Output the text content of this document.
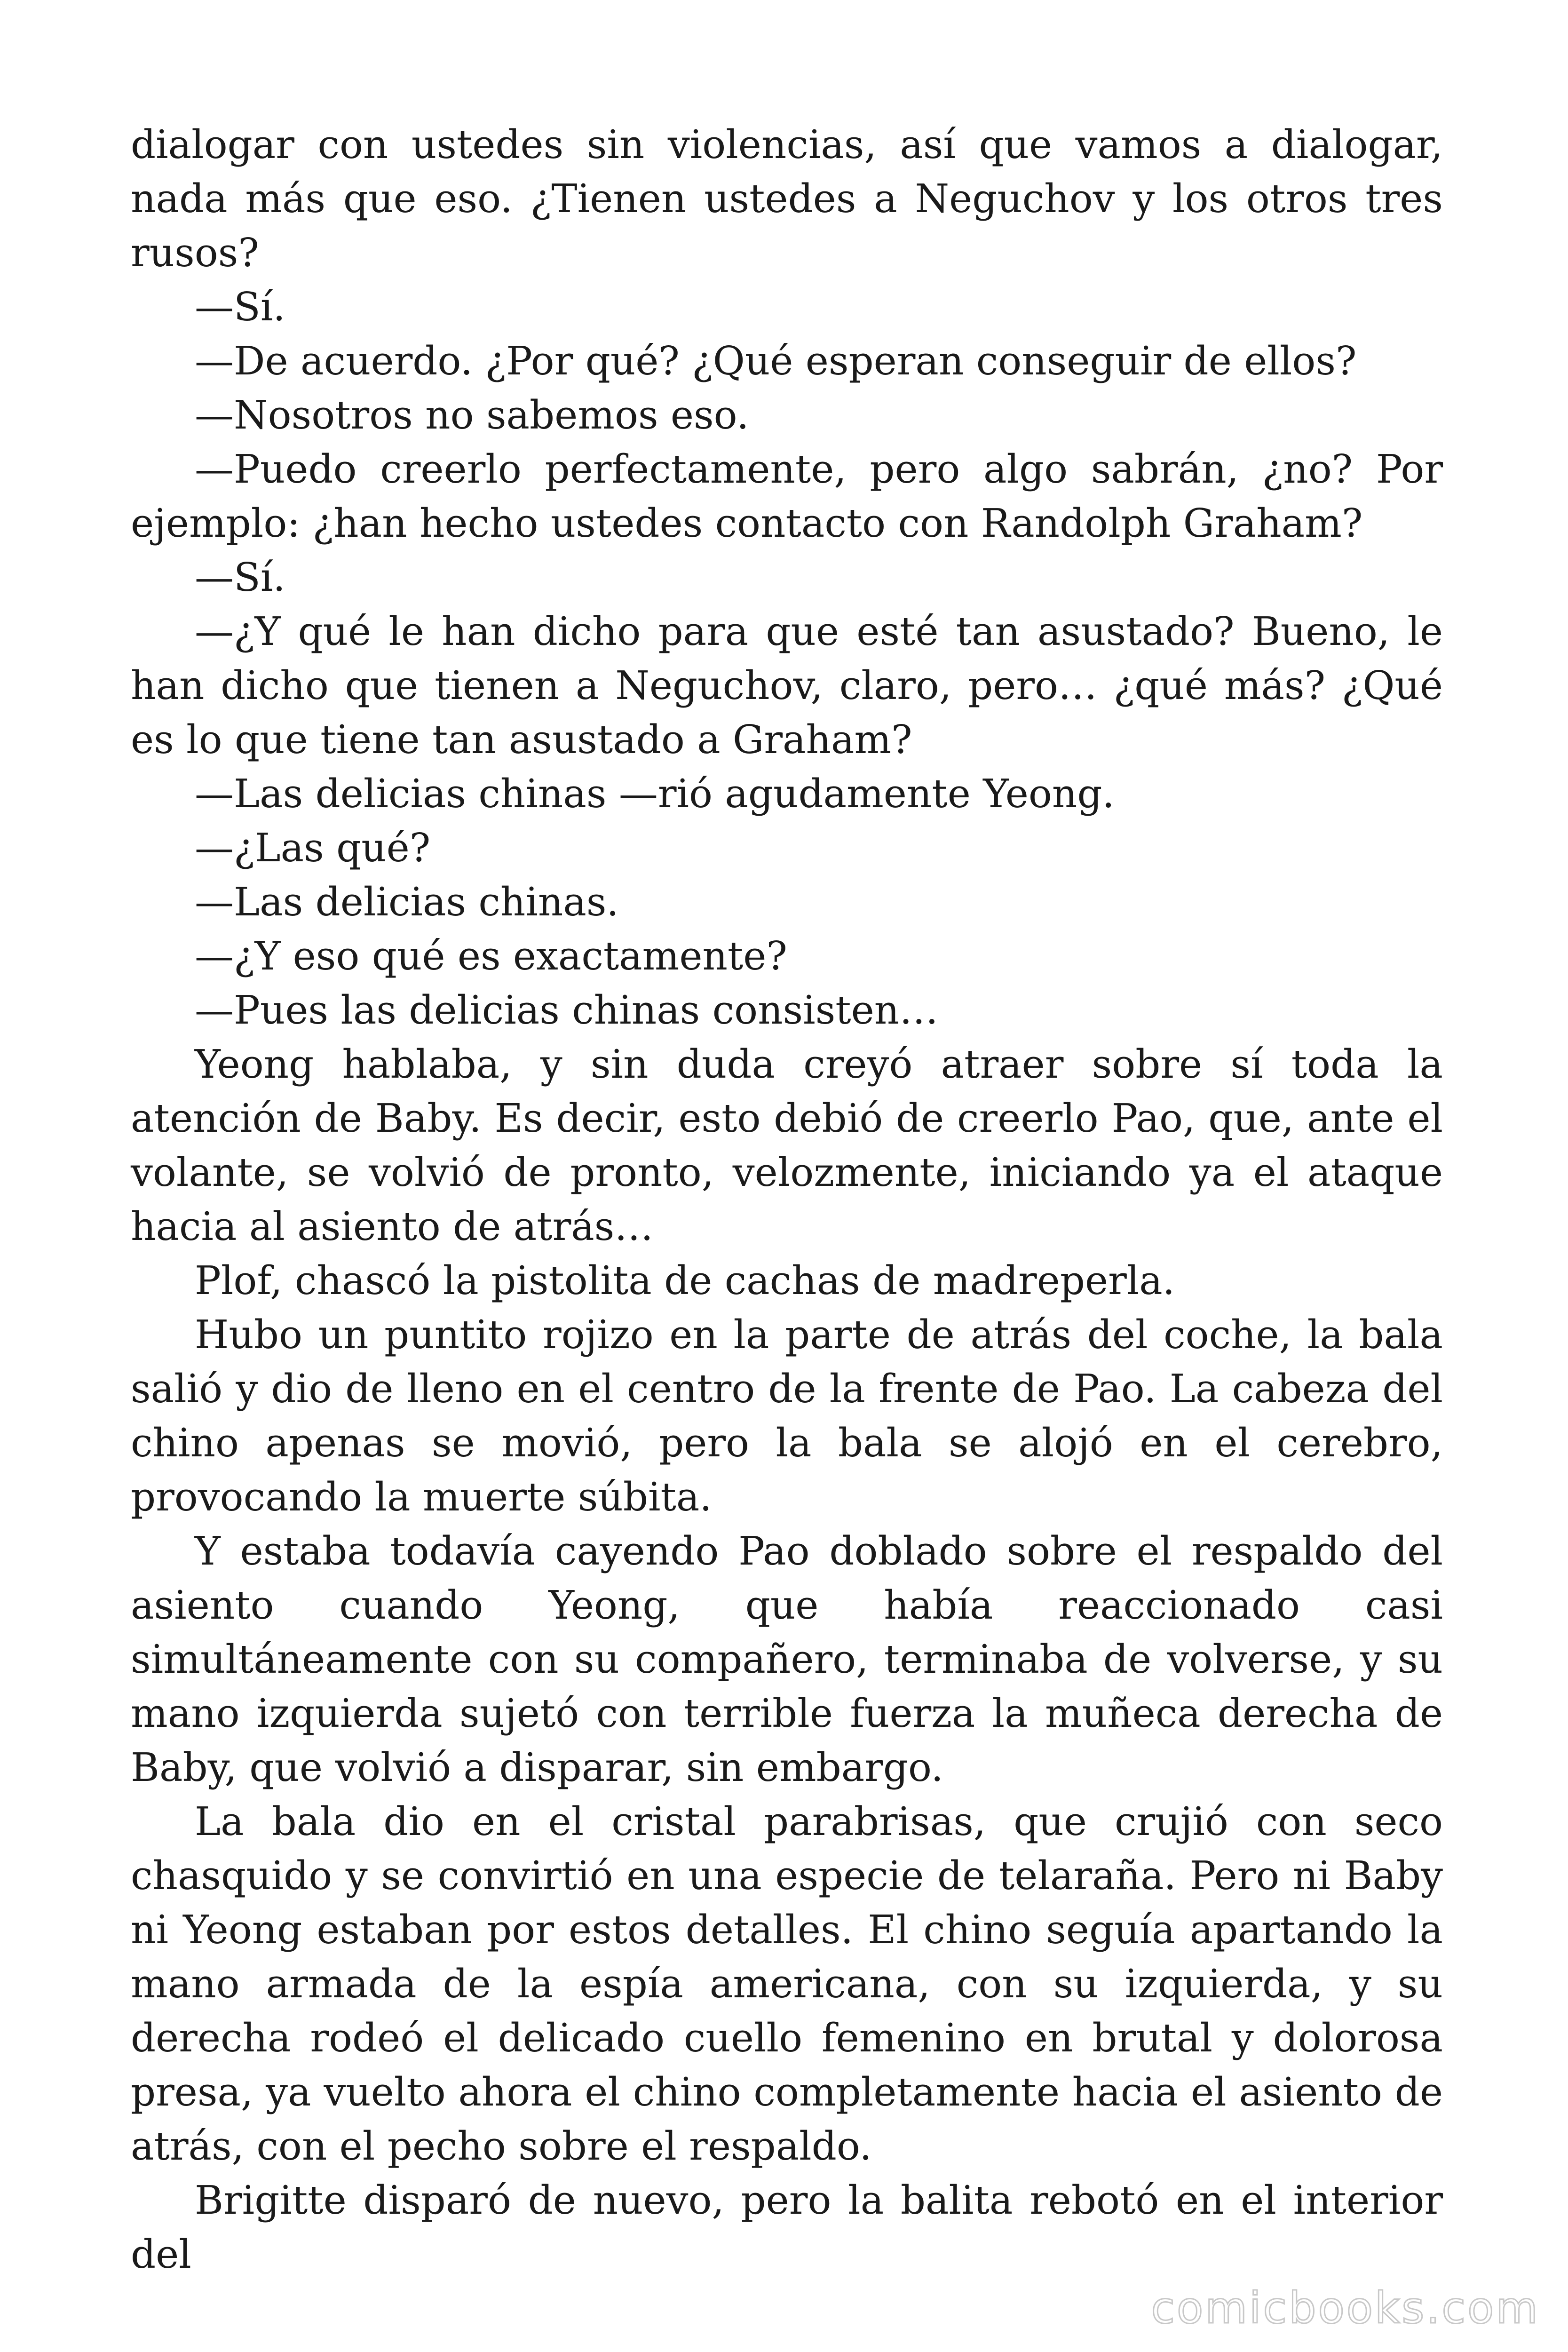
dialogar con ustedes sin violencias, así que vamos a dialogar, nada más que eso. ¿Tienen ustedes a Neguchov y los otros tres rusos?

—Sí.

—De acuerdo. ¿Por qué? ¿Qué esperan conseguir de ellos?

—Nosotros no sabemos eso.

—Puedo creerlo perfectamente, pero algo sabrán, ¿no? Por ejemplo: ¿han hecho ustedes contacto con Randolph Graham?

—Sí.

—¿Y qué le han dicho para que esté tan asustado? Bueno, le han dicho que tienen a Neguchov, claro, pero… ¿qué más? ¿Qué es lo que tiene tan asustado a Graham?

—Las delicias chinas —rió agudamente Yeong.

—¿Las qué?

—Las delicias chinas.

—¿Y eso qué es exactamente?

—Pues las delicias chinas consisten…

Yeong hablaba, y sin duda creyó atraer sobre sí toda la atención de Baby. Es decir, esto debió de creerlo Pao, que, ante el volante, se volvió de pronto, velozmente, iniciando ya el ataque hacia al asiento de atrás…

Plof, chascó la pistolita de cachas de madreperla.

Hubo un puntito rojizo en la parte de atrás del coche, la bala salió y dio de lleno en el centro de la frente de Pao. La cabeza del chino apenas se movió, pero la bala se alojó en el cerebro, provocando la muerte súbita.

Y estaba todavía cayendo Pao doblado sobre el respaldo del asiento cuando Yeong, que había reaccionado casi simultáneamente con su compañero, terminaba de volverse, y su mano izquierda sujetó con terrible fuerza la muñeca derecha de Baby, que volvió a disparar, sin embargo.

La bala dio en el cristal parabrisas, que crujió con seco chasquido y se convirtió en una especie de telaraña. Pero ni Baby ni Yeong estaban por estos detalles. El chino seguía apartando la mano armada de la espía americana, con su izquierda, y su derecha rodeó el delicado cuello femenino en brutal y dolorosa presa, ya vuelto ahora el chino completamente hacia el asiento de atrás, con el pecho sobre el respaldo.

Brigitte disparó de nuevo, pero la balita rebotó en el interior del

comicbooks.com
